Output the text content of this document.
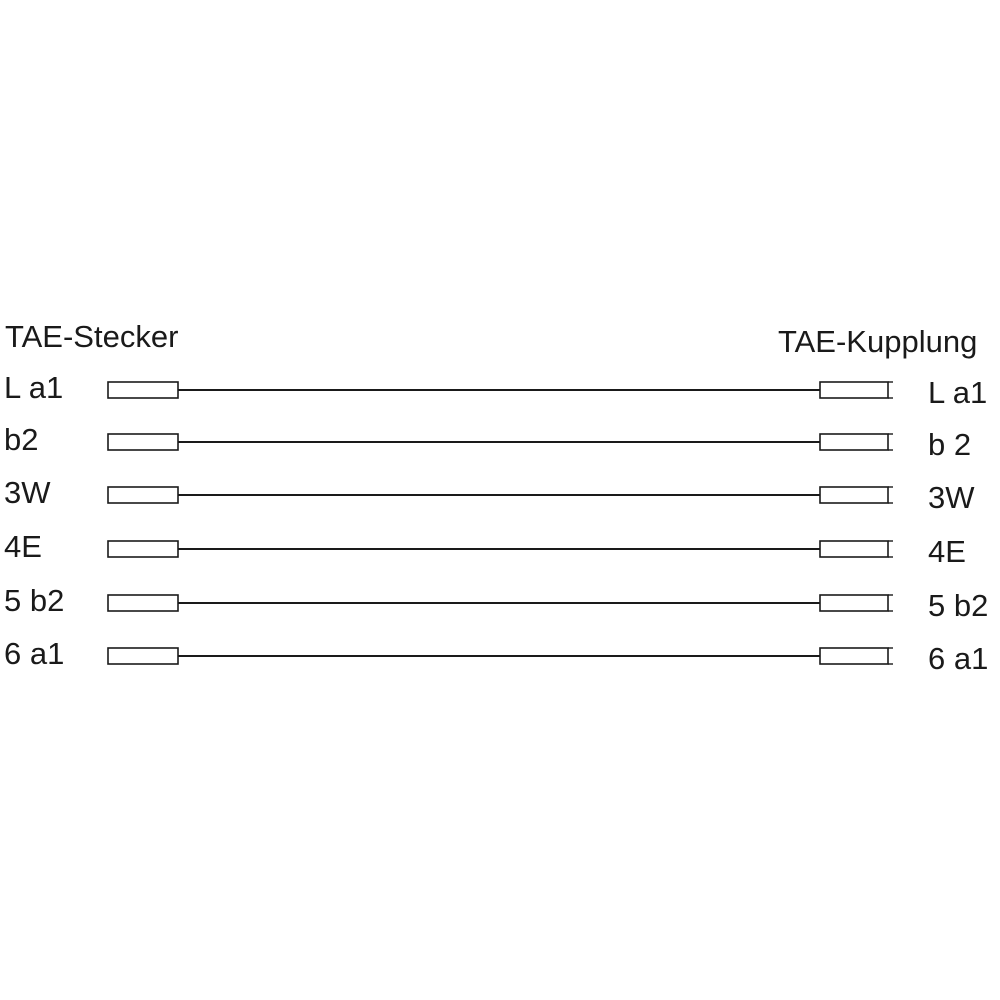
TAE-Stecker	TAE-Kupplung
L a1	L a1
b2	b 2
3W	3W
4E	4E
5 b2	5 b2
6 a1	6 a1
